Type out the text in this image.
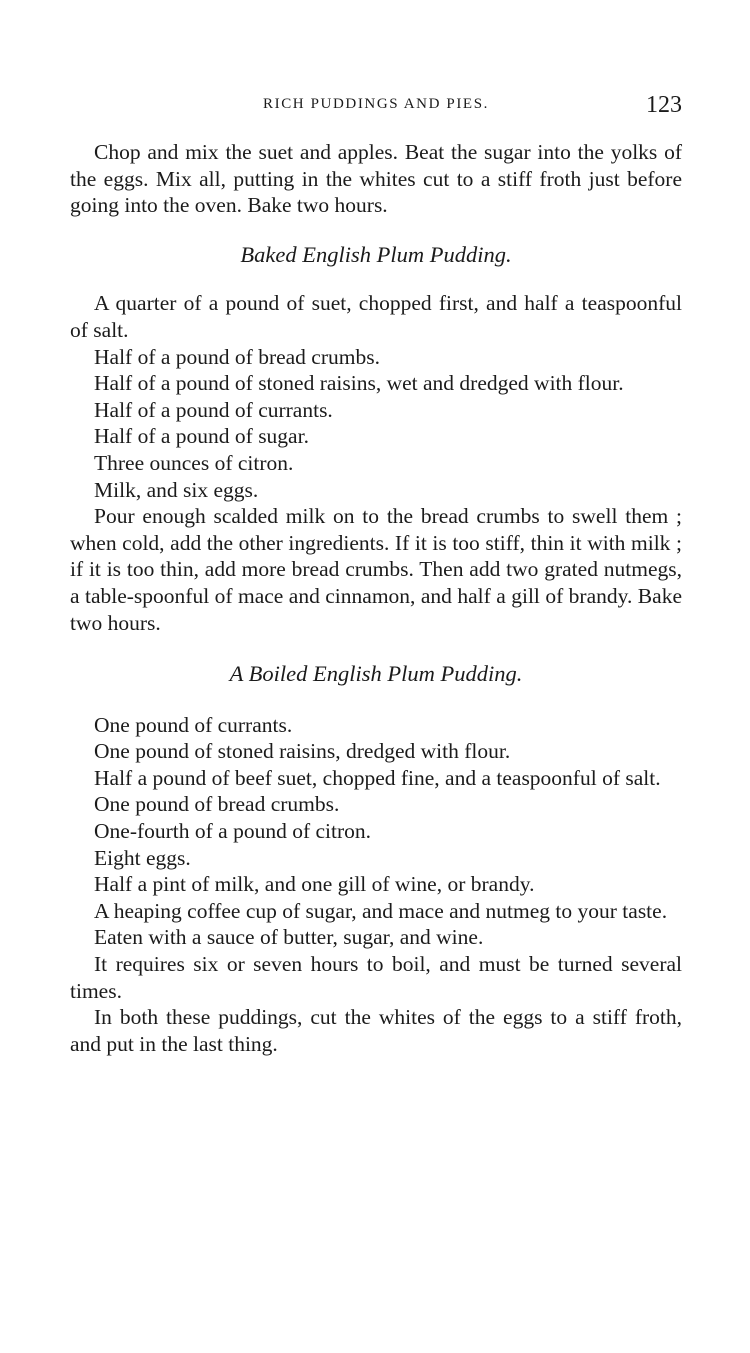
RICH PUDDINGS AND PIES.	123

Chop and mix the suet and apples. Beat the sugar into the yolks of the eggs. Mix all, putting in the whites cut to a stiff froth just before going into the oven. Bake two hours.

Baked English Plum Pudding.

A quarter of a pound of suet, chopped first, and half a teaspoonful of salt.

Half of a pound of bread crumbs.

Half of a pound of stoned raisins, wet and dredged with flour.

Half of a pound of currants.

Half of a pound of sugar.

Three ounces of citron.

Milk, and six eggs.

Pour enough scalded milk on to the bread crumbs to swell them ; when cold, add the other ingredients. If it is too stiff, thin it with milk ; if it is too thin, add more bread crumbs. Then add two grated nutmegs, a table-spoonful of mace and cinnamon, and half a gill of brandy. Bake two hours.

A Boiled English Plum Pudding.

One pound of currants.

One pound of stoned raisins, dredged with flour.

Half a pound of beef suet, chopped fine, and a teaspoonful of salt.

One pound of bread crumbs.

One-fourth of a pound of citron.

Eight eggs.

Half a pint of milk, and one gill of wine, or brandy.

A heaping coffee cup of sugar, and mace and nutmeg to your taste.

Eaten with a sauce of butter, sugar, and wine.

It requires six or seven hours to boil, and must be turned several times.

In both these puddings, cut the whites of the eggs to a stiff froth, and put in the last thing.
